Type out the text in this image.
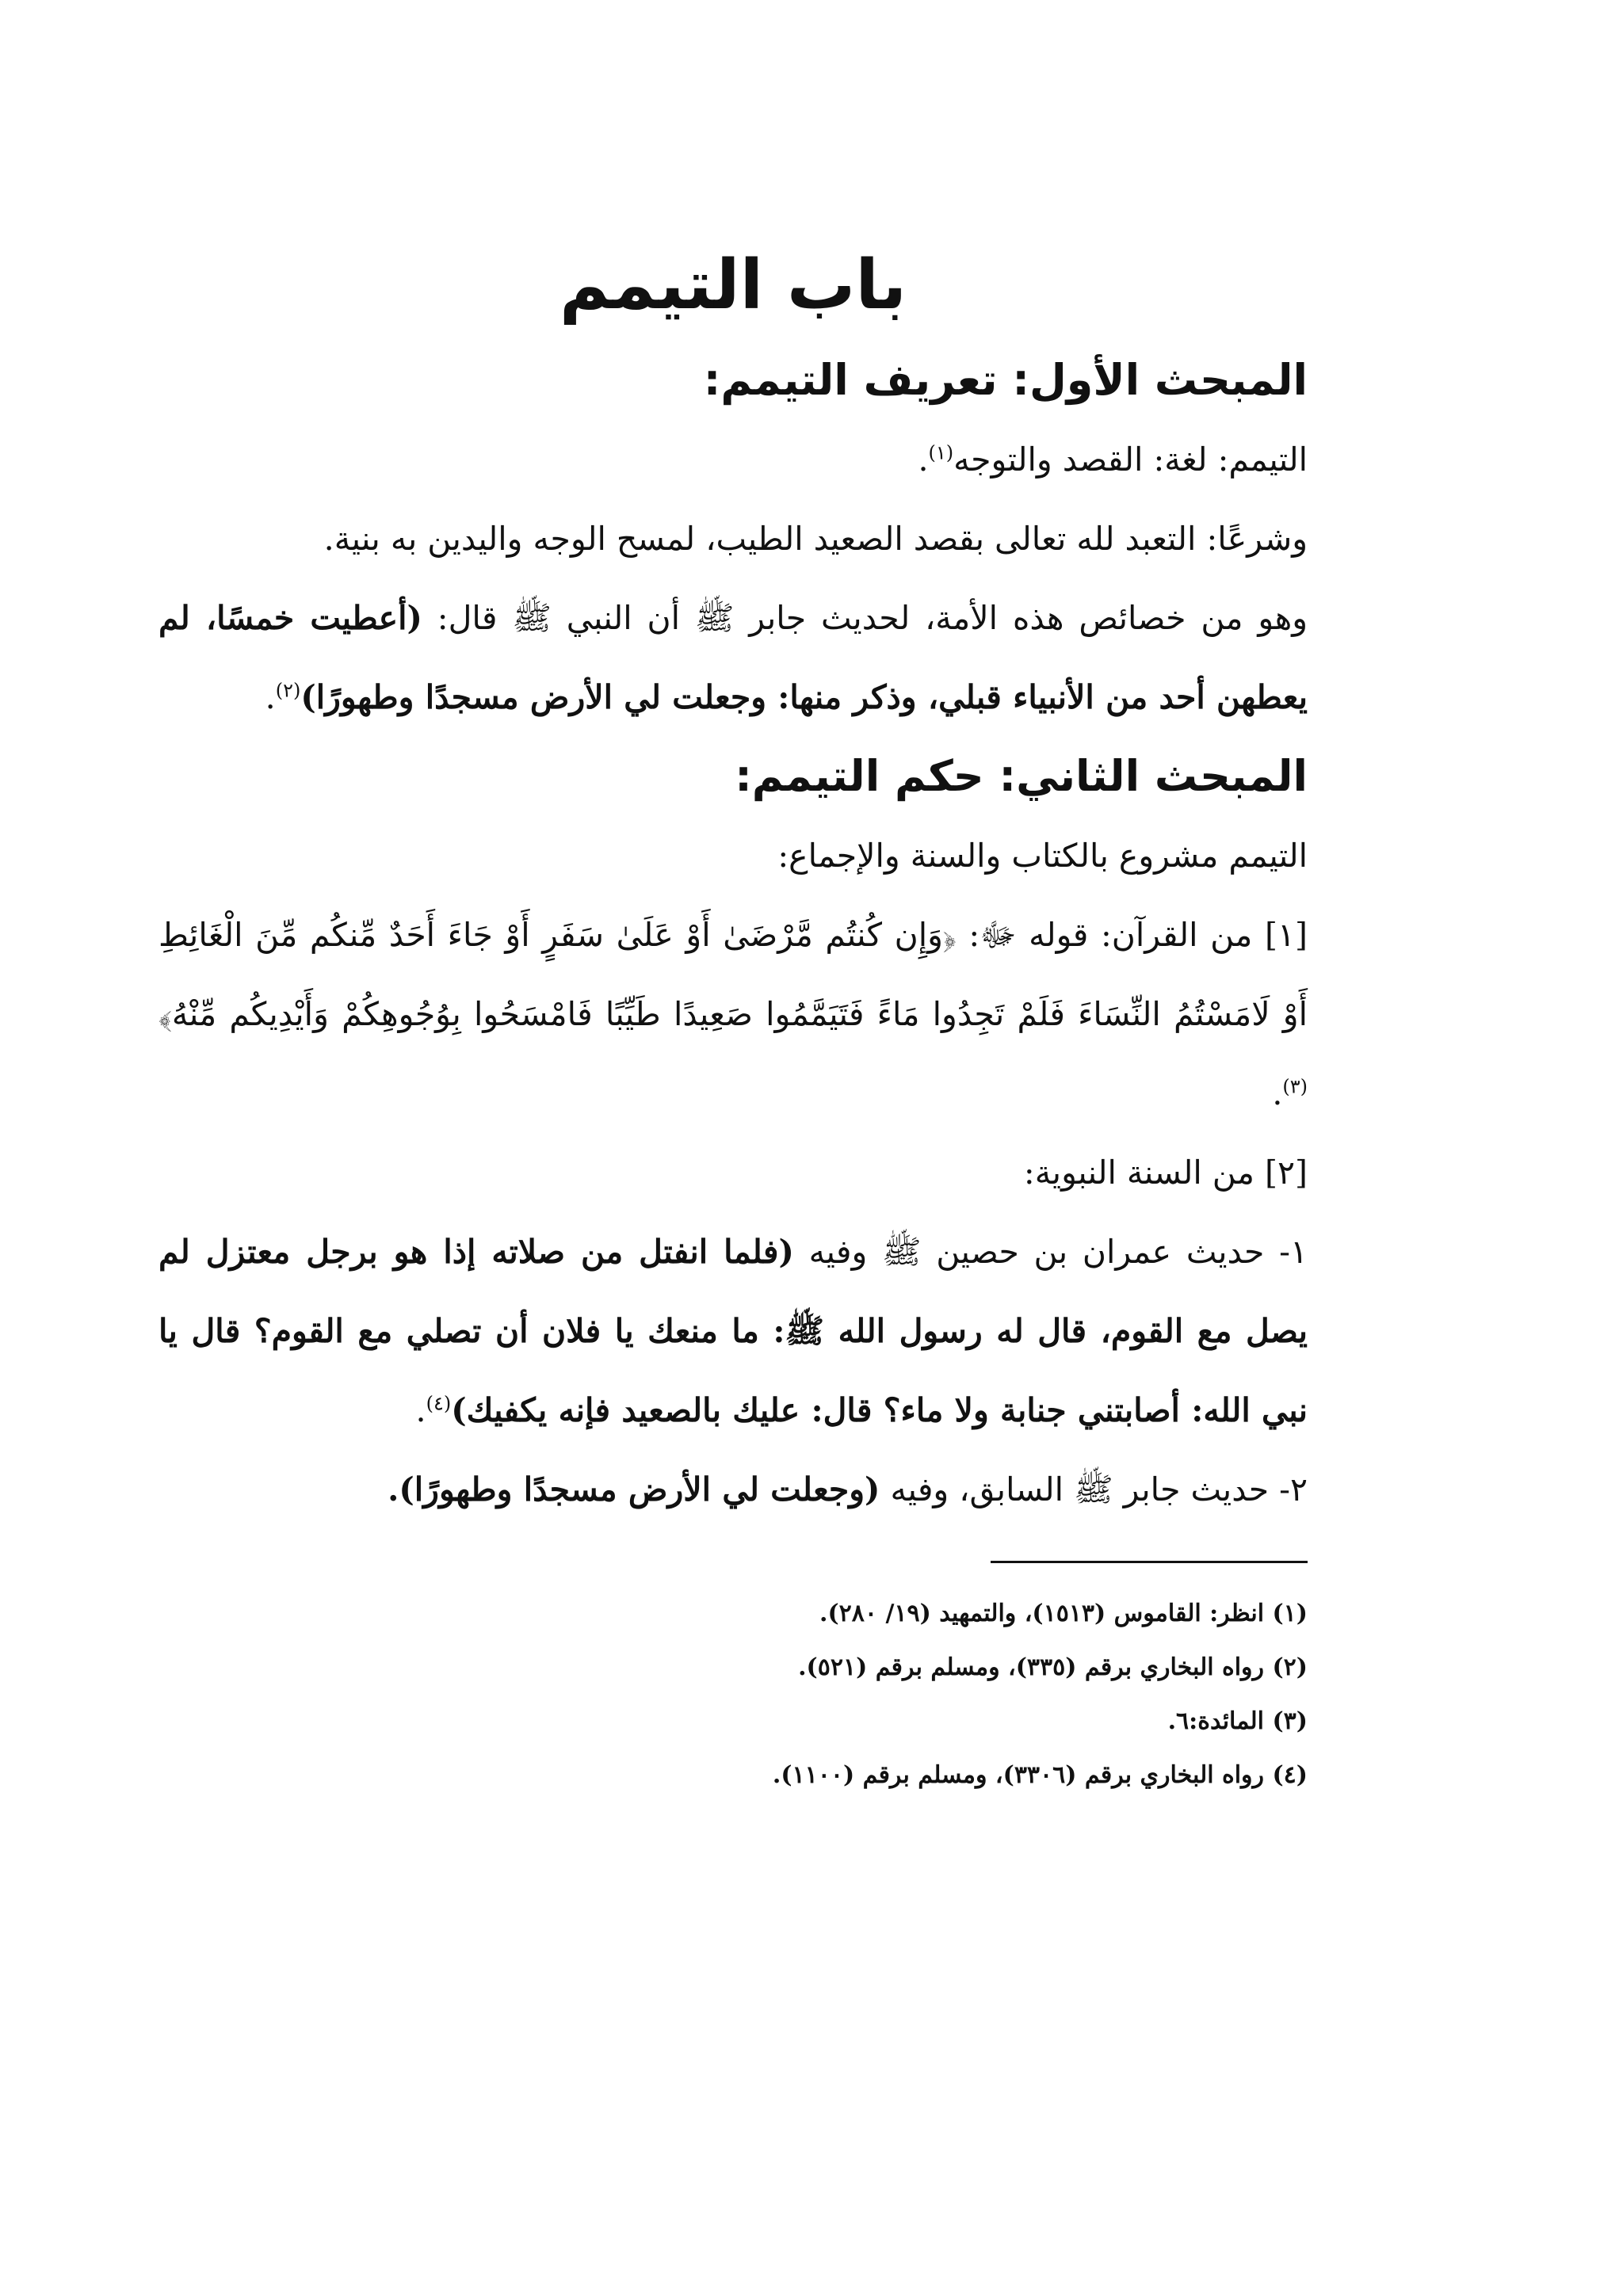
باب التيمم
المبحث الأول: تعريف التيمم:

التيمم: لغة: القصد والتوجه$^{(١)}$.

وشرعًا: التعبد لله تعالى بقصد الصعيد الطيب، لمسح الوجه واليدين به بنية.

وهو من خصائص هذه الأمة، لحديث جابر ﷺ أن النبي ﷺ قال: (أعطيت خمسًا، لم يعطهن أحد من الأنبياء قبلي، وذكر منها: وجعلت لي الأرض مسجدًا وطهورًا)$^{(٢)}$.

المبحث الثاني: حكم التيمم:

التيمم مشروع بالكتاب والسنة والإجماع:

[١] من القرآن: قوله ﷻ: ﴿وَإِن كُنتُم مَّرْضَىٰ أَوْ عَلَىٰ سَفَرٍ أَوْ جَاءَ أَحَدٌ مِّنكُم مِّنَ الْغَائِطِ أَوْ لَامَسْتُمُ النِّسَاءَ فَلَمْ تَجِدُوا مَاءً فَتَيَمَّمُوا صَعِيدًا طَيِّبًا فَامْسَحُوا بِوُجُوهِكُمْ وَأَيْدِيكُم مِّنْهُ﴾$^{(٣)}$.

[٢] من السنة النبوية:

١- حديث عمران بن حصين ﷺ وفيه (فلما انفتل من صلاته إذا هو برجل معتزل لم يصل مع القوم، قال له رسول الله ﷺ: ما منعك يا فلان أن تصلي مع القوم؟ قال يا نبي الله: أصابتني جنابة ولا ماء؟ قال: عليك بالصعيد فإنه يكفيك)$^{(٤)}$.

٢- حديث جابر ﷺ السابق، وفيه (وجعلت لي الأرض مسجدًا وطهورًا).

(١) انظر: القاموس (١٥١٣)، والتمهيد (١٩/ ٢٨٠).

(٢) رواه البخاري برقم (٣٣٥)، ومسلم برقم (٥٢١).

(٣) المائدة:٦.

(٤) رواه البخاري برقم (٣٣٠٦)، ومسلم برقم (١١٠٠).
